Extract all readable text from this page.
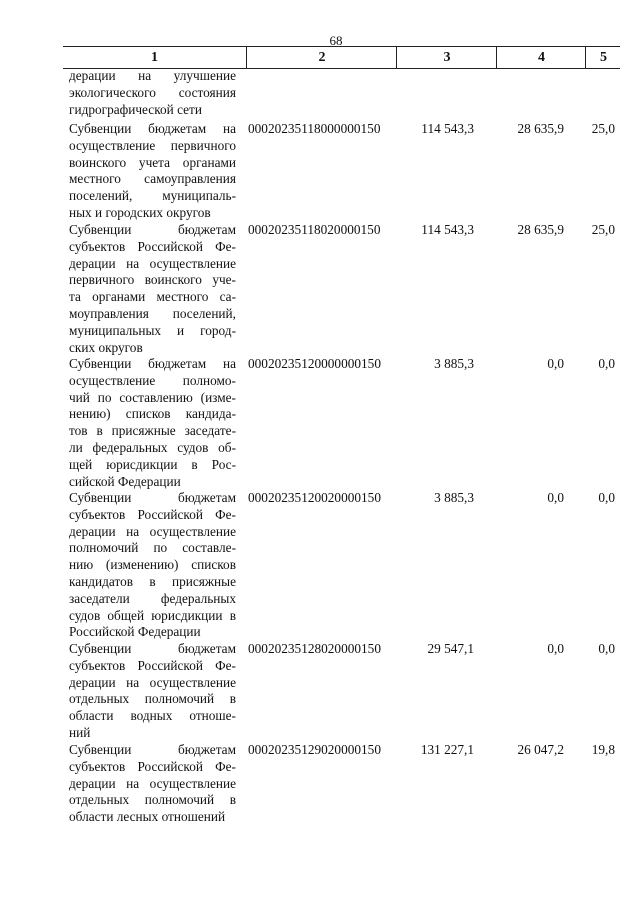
68
1	2	3	4	5
дерации на улучшение
экологического состояния
гидрографической сети
Субвенции бюджетам на
осуществление первичного
воинского учета органами
местного самоуправления
поселений, муниципаль-
ных и городских округов
00020235118000000150	114 543,3	28 635,9	25,0
Субвенции бюджетам
субъектов Российской Фе-
дерации на осуществление
первичного воинского уче-
та органами местного са-
моуправления поселений,
муниципальных и город-
ских округов
00020235118020000150	114 543,3	28 635,9	25,0
Субвенции бюджетам на
осуществление полномо-
чий по составлению (изме-
нению) списков кандида-
тов в присяжные заседате-
ли федеральных судов об-
щей юрисдикции в Рос-
сийской Федерации
00020235120000000150	3 885,3	0,0	0,0
Субвенции бюджетам
субъектов Российской Фе-
дерации на осуществление
полномочий по составле-
нию (изменению) списков
кандидатов в присяжные
заседатели федеральных
судов общей юрисдикции в
Российской Федерации
00020235120020000150	3 885,3	0,0	0,0
Субвенции бюджетам
субъектов Российской Фе-
дерации на осуществление
отдельных полномочий в
области водных отноше-
ний
00020235128020000150	29 547,1	0,0	0,0
Субвенции бюджетам
субъектов Российской Фе-
дерации на осуществление
отдельных полномочий в
области лесных отношений
00020235129020000150	131 227,1	26 047,2	19,8
